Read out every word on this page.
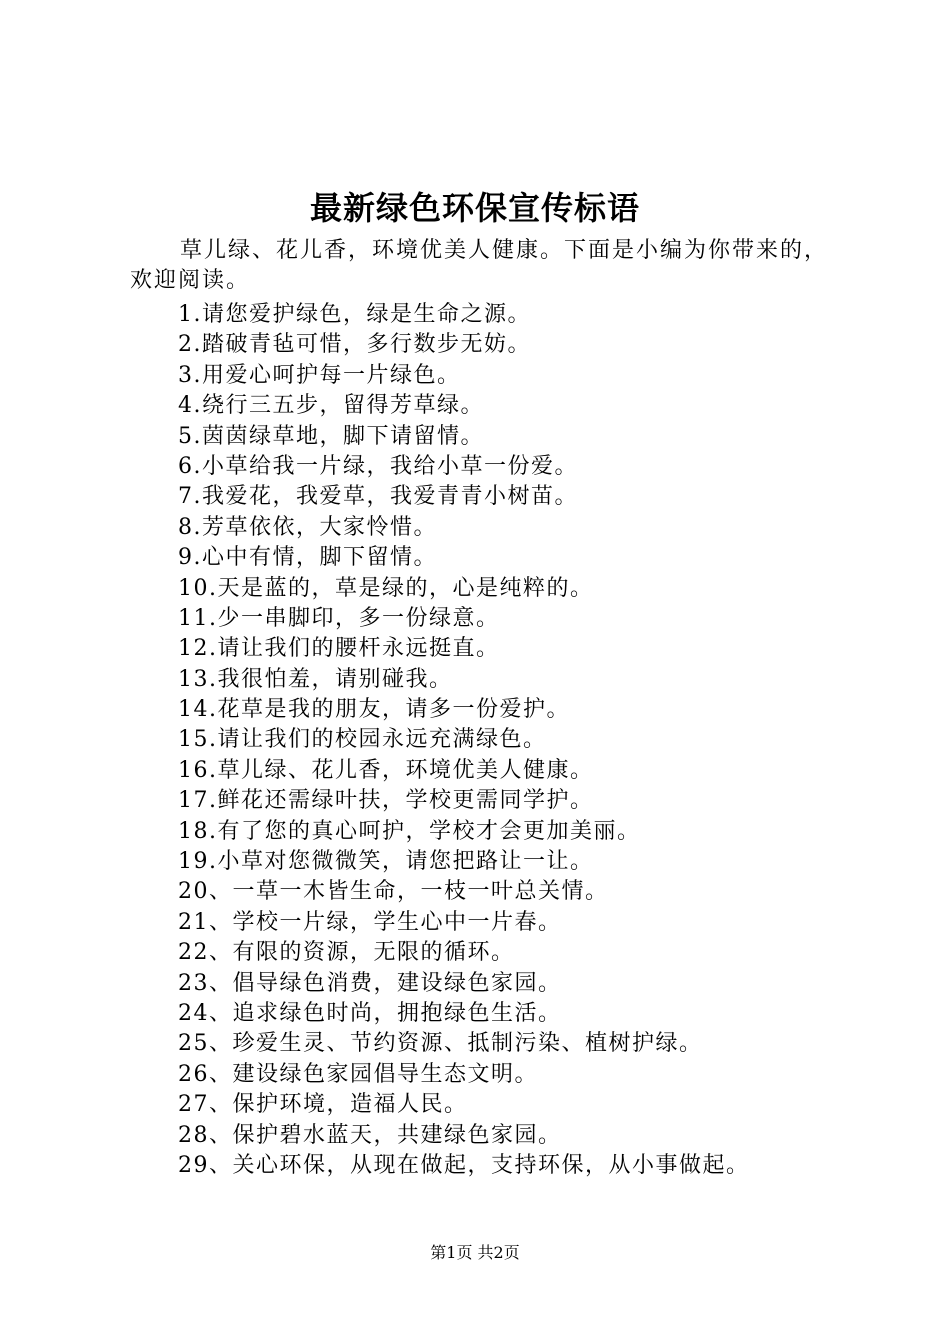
最新绿色环保宣传标语

草儿绿、花儿香，环境优美人健康。下面是小编为你带来的，欢迎阅读。

1.请您爱护绿色，绿是生命之源。
2.踏破青毡可惜，多行数步无妨。
3.用爱心呵护每一片绿色。
4.绕行三五步，留得芳草绿。
5.茵茵绿草地，脚下请留情。
6.小草给我一片绿，我给小草一份爱。
7.我爱花，我爱草，我爱青青小树苗。
8.芳草依依，大家怜惜。
9.心中有情，脚下留情。
10.天是蓝的，草是绿的，心是纯粹的。
11.少一串脚印，多一份绿意。
12.请让我们的腰杆永远挺直。
13.我很怕羞，请别碰我。
14.花草是我的朋友，请多一份爱护。
15.请让我们的校园永远充满绿色。
16.草儿绿、花儿香，环境优美人健康。
17.鲜花还需绿叶扶，学校更需同学护。
18.有了您的真心呵护，学校才会更加美丽。
19.小草对您微微笑，请您把路让一让。
20、一草一木皆生命，一枝一叶总关情。
21、学校一片绿，学生心中一片春。
22、有限的资源，无限的循环。
23、倡导绿色消费，建设绿色家园。
24、追求绿色时尚，拥抱绿色生活。
25、珍爱生灵、节约资源、抵制污染、植树护绿。
26、建设绿色家园倡导生态文明。
27、保护环境，造福人民。
28、保护碧水蓝天，共建绿色家园。
29、关心环保，从现在做起，支持环保，从小事做起。
第1页 共2页
